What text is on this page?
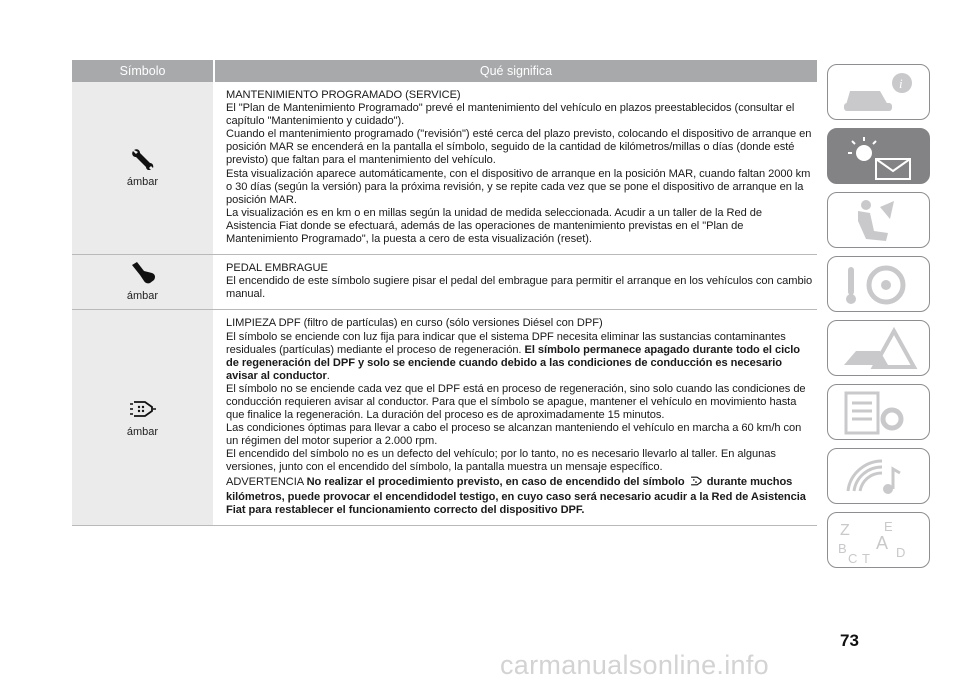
Símbolo	Qué significa
ámbar

MANTENIMIENTO PROGRAMADO (SERVICE)

El "Plan de Mantenimiento Programado" prevé el mantenimiento del vehículo en plazos preestablecidos (consultar el capítulo "Mantenimiento y cuidado").

Cuando el mantenimiento programado ("revisión") esté cerca del plazo previsto, colocando el dispositivo de arranque en posición MAR se encenderá en la pantalla el símbolo, seguido de la cantidad de kilómetros/millas o días (donde esté previsto) que faltan para el mantenimiento del vehículo.

Esta visualización aparece automáticamente, con el dispositivo de arranque en la posición MAR, cuando faltan 2000 km o 30 días (según la versión) para la próxima revisión, y se repite cada vez que se pone el dispositivo de arranque en la posición MAR.

La visualización es en km o en millas según la unidad de medida seleccionada. Acudir a un taller de la Red de Asistencia Fiat donde se efectuará, además de las operaciones de mantenimiento previstas en el "Plan de Mantenimiento Programado", la puesta a cero de esta visualización (reset).

ámbar

PEDAL EMBRAGUE

El encendido de este símbolo sugiere pisar el pedal del embrague para permitir el arranque en los vehículos con cambio manual.

ámbar

LIMPIEZA DPF (filtro de partículas) en curso (sólo versiones Diésel con DPF)

El símbolo se enciende con luz fija para indicar que el sistema DPF necesita eliminar las sustancias contaminantes residuales (partículas) mediante el proceso de regeneración. El símbolo permanece apagado durante todo el ciclo de regeneración del DPF y solo se enciende cuando debido a las condiciones de conducción es necesario avisar al conductor.

El símbolo no se enciende cada vez que el DPF está en proceso de regeneración, sino solo cuando las condiciones de conducción requieren avisar al conductor. Para que el símbolo se apague, mantener el vehículo en movimiento hasta que finalice la regeneración. La duración del proceso es de aproximadamente 15 minutos.

Las condiciones óptimas para llevar a cabo el proceso se alcanzan manteniendo el vehículo en marcha a 60 km/h con un régimen del motor superior a 2.000 rpm.

El encendido del símbolo no es un defecto del vehículo; por lo tanto, no es necesario llevarlo al taller. En algunas versiones, junto con el encendido del símbolo, la pantalla muestra un mensaje específico.

ADVERTENCIA No realizar el procedimiento previsto, en caso de encendido del símbolo  durante muchos kilómetros, puede provocar el encendidodel testigo, en cuyo caso será necesario acudir a la Red de Asistencia Fiat para restablecer el funcionamiento correcto del dispositivo DPF.

i
Z	E
B A
C T D
73
carmanualsonline.info
